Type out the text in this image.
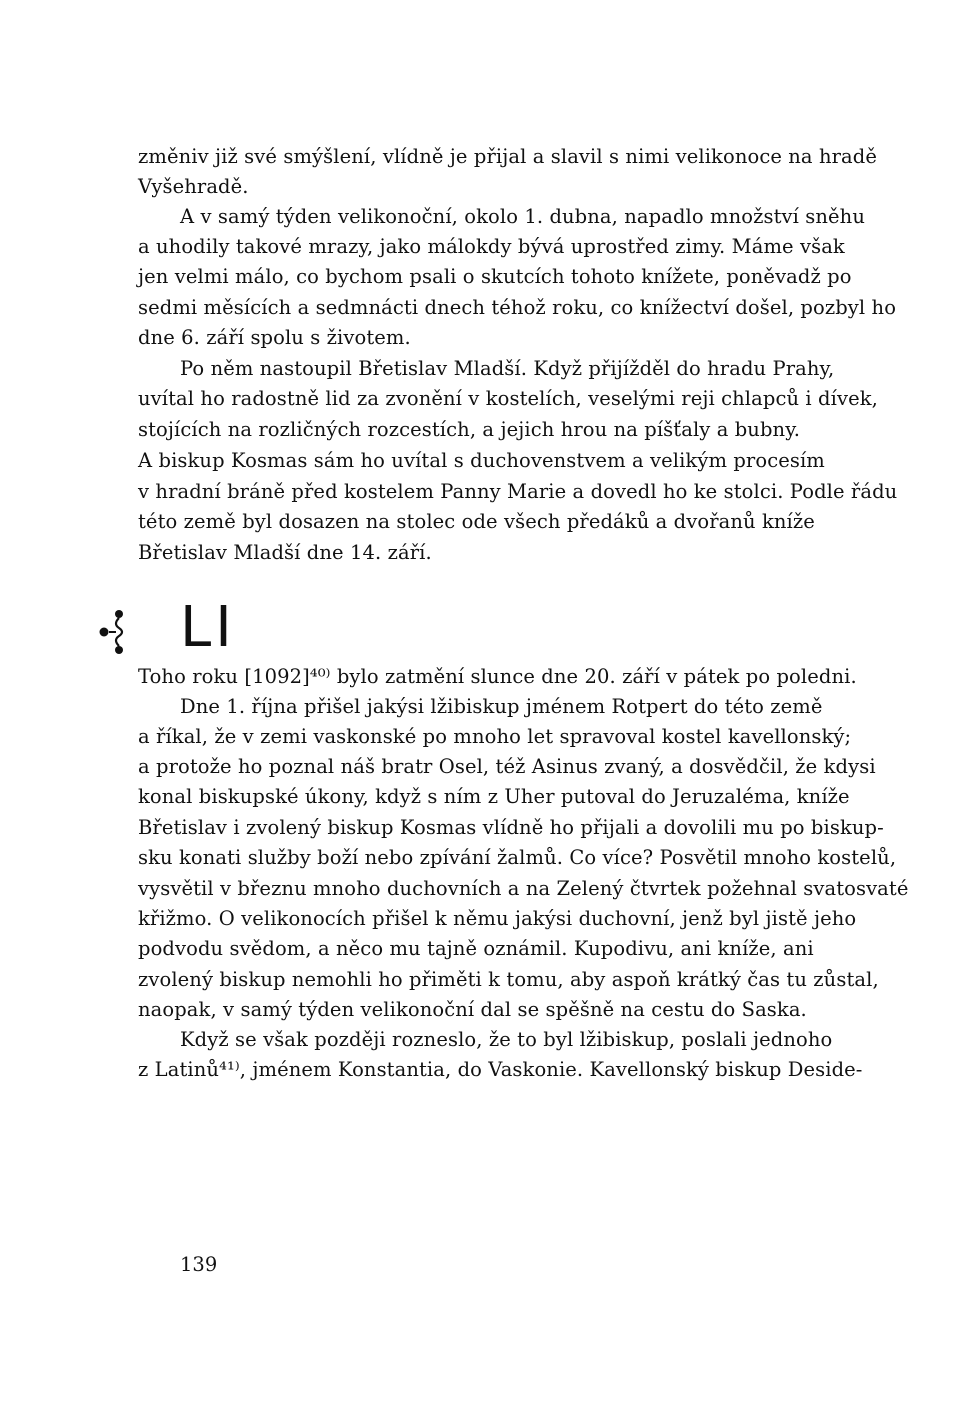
změniv již své smýšlení, vlídně je přijal a slavil s nimi velikonoce na hradě
Vyšehradě.
A v samý týden velikonoční, okolo 1. dubna, napadlo množství sněhu
a uhodily takové mrazy, jako málokdy bývá uprostřed zimy. Máme však
jen velmi málo, co bychom psali o skutcích tohoto knížete, poněvadž po
sedmi měsících a sedmnácti dnech téhož roku, co knížectví došel, pozbyl ho
dne 6. září spolu s životem.
Po něm nastoupil Břetislav Mladší. Když přijížděl do hradu Prahy,
uvítal ho radostně lid za zvonění v kostelích, veselými reji chlapců i dívek,
stojících na rozličných rozcestích, a jejich hrou na píšťaly a bubny.
A biskup Kosmas sám ho uvítal s duchovenstvem a velikým procesím
v hradní bráně před kostelem Panny Marie a dovedl ho ke stolci. Podle řádu
této země byl dosazen na stolec ode všech předáků a dvořanů kníže
Břetislav Mladší dne 14. září.
LI
Toho roku [1092]⁴⁰⁾ bylo zatmění slunce dne 20. září v pátek po poledni.
Dne 1. října přišel jakýsi lžibiskup jménem Rotpert do této země
a říkal, že v zemi vaskonské po mnoho let spravoval kostel kavellonský;
a protože ho poznal náš bratr Osel, též Asinus zvaný, a dosvědčil, že kdysi
konal biskupské úkony, když s ním z Uher putoval do Jeruzaléma, kníže
Břetislav i zvolený biskup Kosmas vlídně ho přijali a dovolili mu po biskup-
sku konati služby boží nebo zpívání žalmů. Co více? Posvětil mnoho kostelů,
vysvětil v březnu mnoho duchovních a na Zelený čtvrtek požehnal svatosvaté
křižmo. O velikonocích přišel k němu jakýsi duchovní, jenž byl jistě jeho
podvodu svědom, a něco mu tajně oznámil. Kupodivu, ani kníže, ani
zvolený biskup nemohli ho přiměti k tomu, aby aspoň krátký čas tu zůstal,
naopak, v samý týden velikonoční dal se spěšně na cestu do Saska.
Když se však později rozneslo, že to byl lžibiskup, poslali jednoho
z Latinů⁴¹⁾, jménem Konstantia, do Vaskonie. Kavellonský biskup Deside-
139
